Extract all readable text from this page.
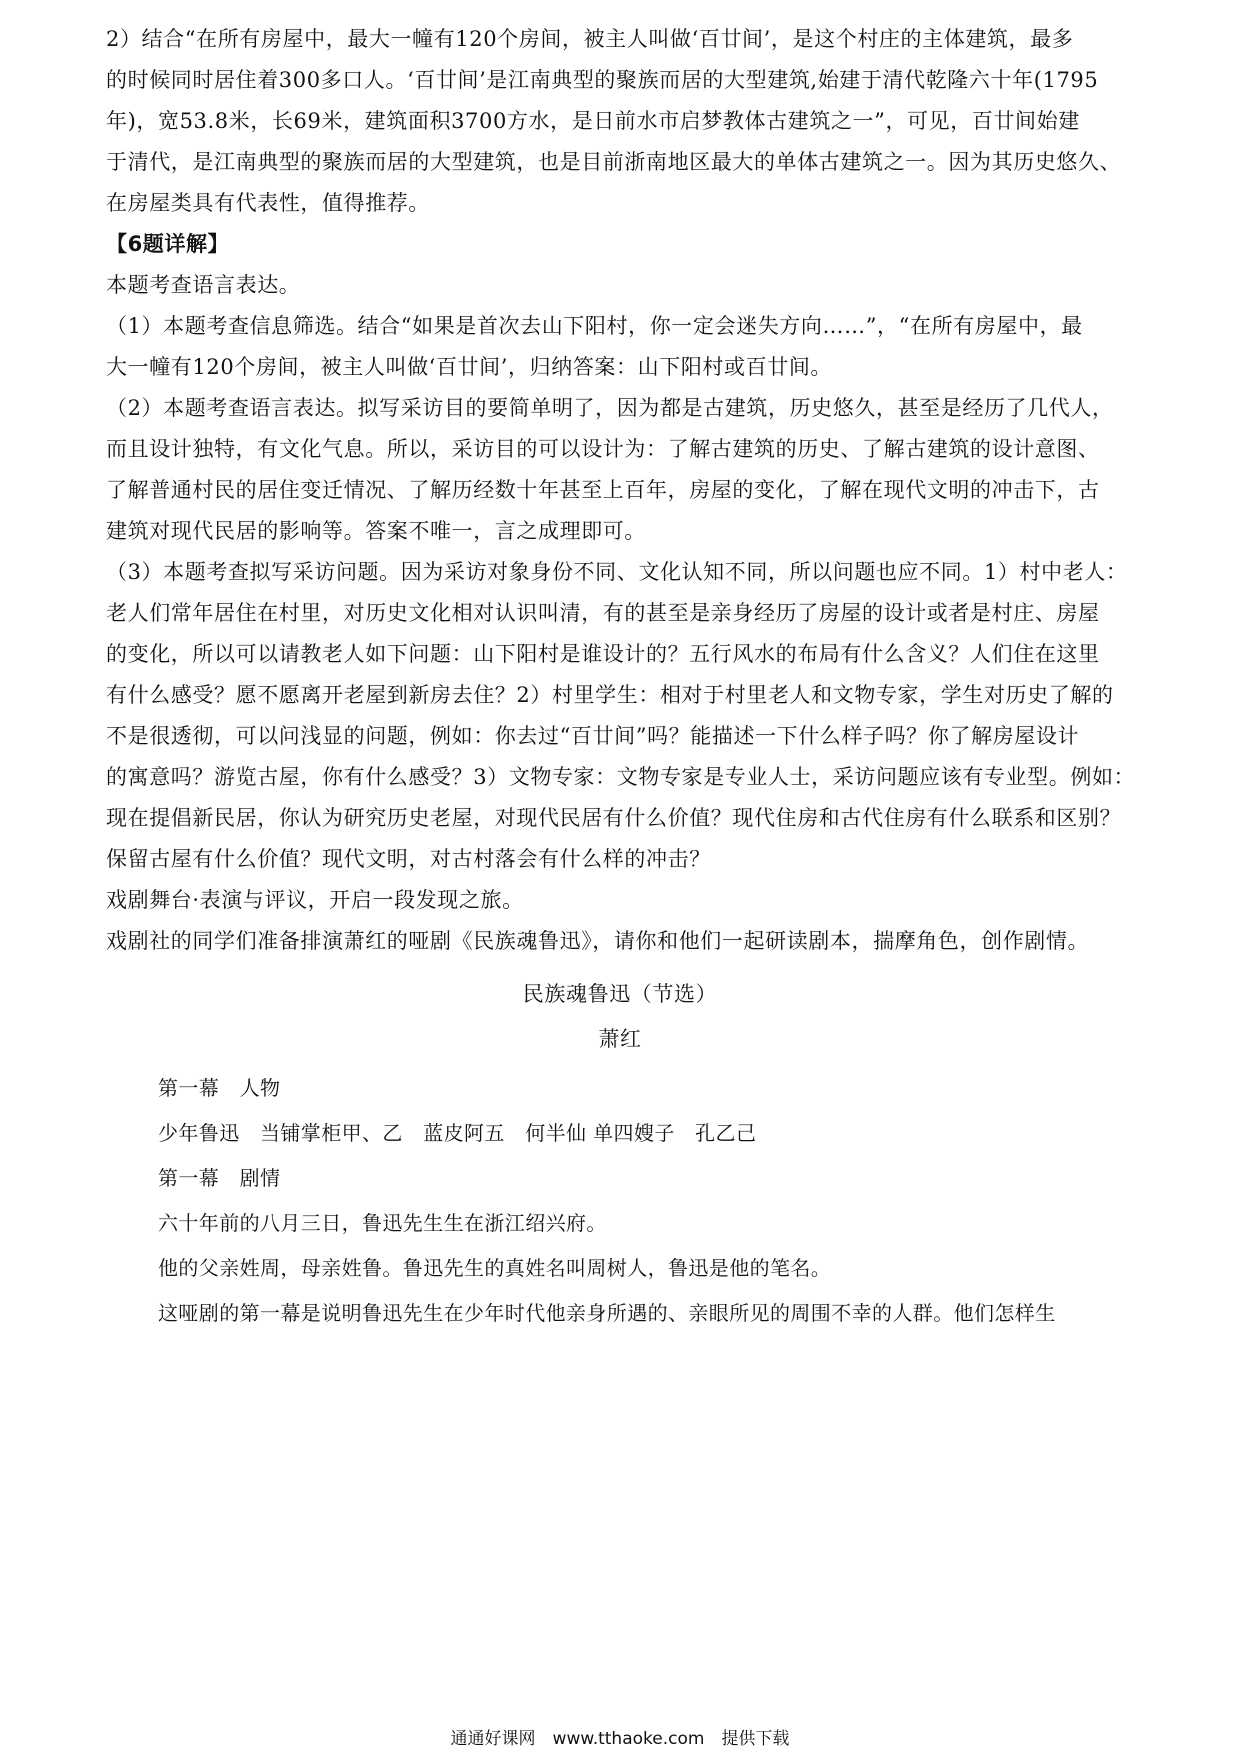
2）结合“在所有房屋中，最大一幢有120个房间，被主人叫做‘百廿间’，是这个村庄的主体建筑，最多

的时候同时居住着300多口人。‘百廿间’是江南典型的聚族而居的大型建筑,始建于清代乾隆六十年(1795

年)，宽53.8米，长69米，建筑面积3700方水，是日前水市启梦教体古建筑之一”，可见，百廿间始建

于清代，是江南典型的聚族而居的大型建筑，也是目前浙南地区最大的单体古建筑之一。因为其历史悠久、

在房屋类具有代表性，值得推荐。

【6题详解】

本题考查语言表达。

（1）本题考查信息筛选。结合“如果是首次去山下阳村，你一定会迷失方向……”，“在所有房屋中，最

大一幢有120个房间，被主人叫做‘百廿间’，归纳答案：山下阳村或百廿间。

（2）本题考查语言表达。拟写采访目的要简单明了，因为都是古建筑，历史悠久，甚至是经历了几代人，

而且设计独特，有文化气息。所以，采访目的可以设计为：了解古建筑的历史、了解古建筑的设计意图、

了解普通村民的居住变迁情况、了解历经数十年甚至上百年，房屋的变化，了解在现代文明的冲击下，古

建筑对现代民居的影响等。答案不唯一，言之成理即可。

（3）本题考查拟写采访问题。因为采访对象身份不同、文化认知不同，所以问题也应不同。1）村中老人：

老人们常年居住在村里，对历史文化相对认识叫清，有的甚至是亲身经历了房屋的设计或者是村庄、房屋

的变化，所以可以请教老人如下问题：山下阳村是谁设计的？五行风水的布局有什么含义？人们住在这里

有什么感受？愿不愿离开老屋到新房去住？2）村里学生：相对于村里老人和文物专家，学生对历史了解的

不是很透彻，可以问浅显的问题，例如：你去过“百廿间”吗？能描述一下什么样子吗？你了解房屋设计

的寓意吗？游览古屋，你有什么感受？3）文物专家：文物专家是专业人士，采访问题应该有专业型。例如：

现在提倡新民居，你认为研究历史老屋，对现代民居有什么价值？现代住房和古代住房有什么联系和区别？

保留古屋有什么价值？现代文明，对古村落会有什么样的冲击？

戏剧舞台·表演与评议，开启一段发现之旅。

戏剧社的同学们准备排演萧红的哑剧《民族魂鲁迅》，请你和他们一起研读剧本，揣摩角色，创作剧情。

民族魂鲁迅（节选）

萧红

第一幕　人物

少年鲁迅　当铺掌柜甲、乙　蓝皮阿五　何半仙 单四嫂子　孔乙己

第一幕　剧情

六十年前的八月三日，鲁迅先生生在浙江绍兴府。

他的父亲姓周，母亲姓鲁。鲁迅先生的真姓名叫周树人，鲁迅是他的笔名。

这哑剧的第一幕是说明鲁迅先生在少年时代他亲身所遇的、亲眼所见的周围不幸的人群。他们怎样生

通通好课网　www.tthaoke.com　提供下载
